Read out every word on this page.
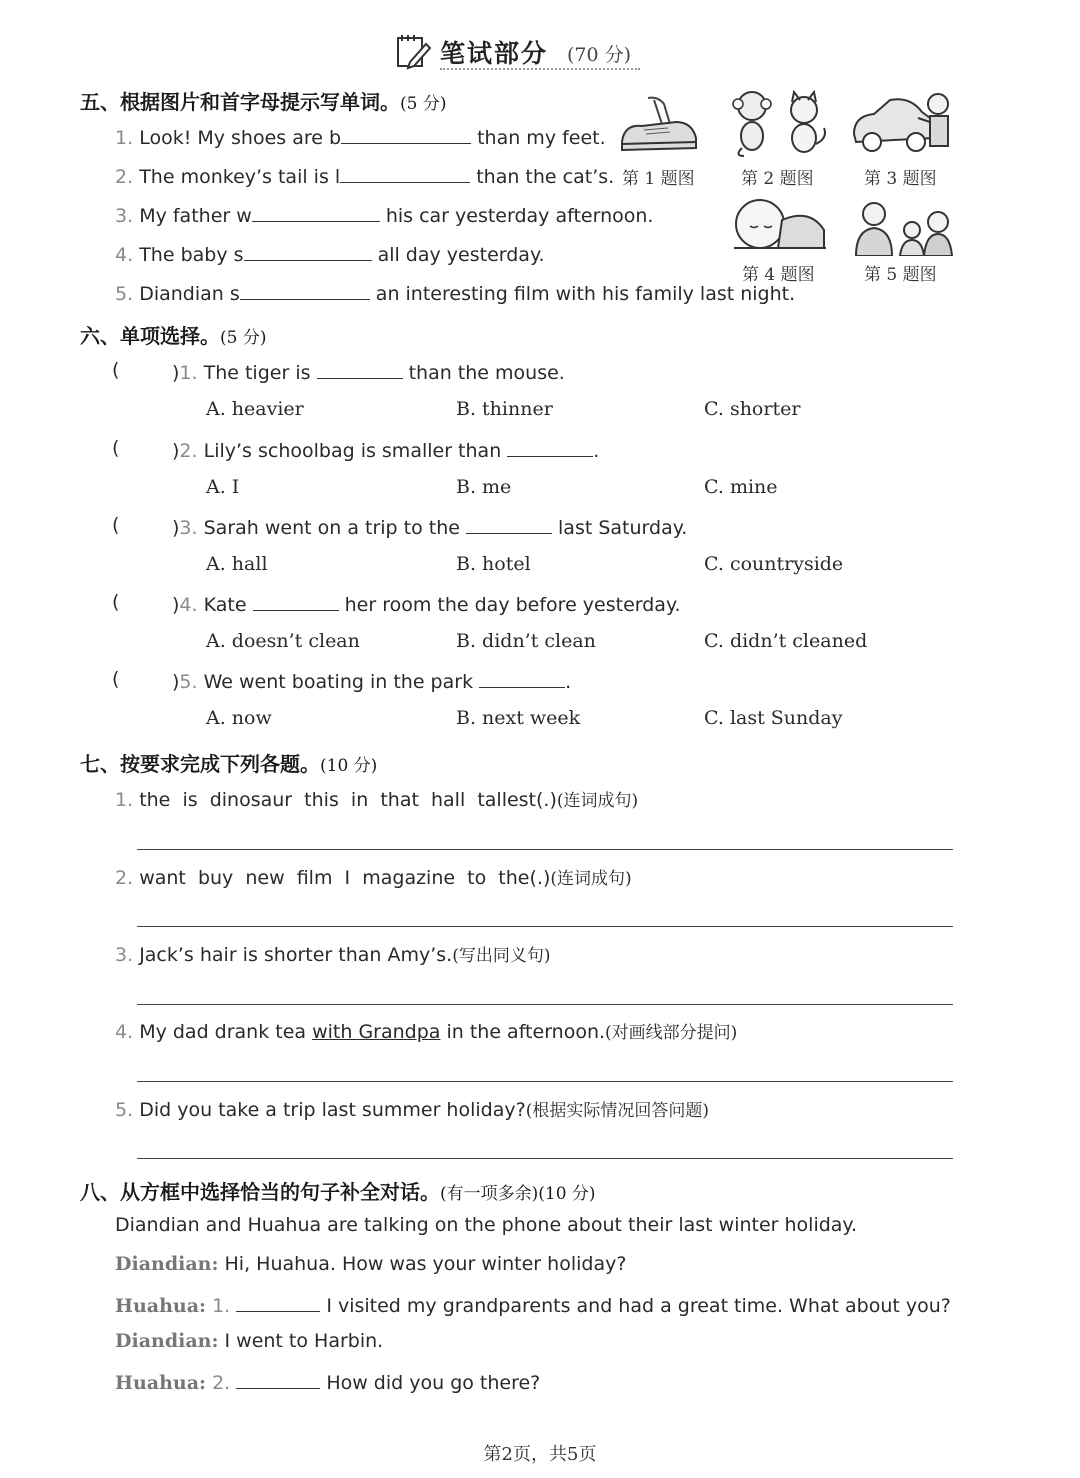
笔试部分 (70 分)
五、根据图片和首字母提示写单词。(5 分)
1. Look! My shoes are b	than my feet.
2. The monkey’s tail is l	than the cat’s.
3. My father w	his car yesterday afternoon.
4. The baby s	all day yesterday.
5. Diandian s	an interesting film with his family last night.
第 1 题图	第 2 题图	第 3 题图
第 4 题图	第 5 题图
六、单项选择。(5 分)
(	)1. The tiger is	than the mouse.
A. heavier	B. thinner	C. shorter
(	)2. Lily’s schoolbag is smaller than	.
A. I	B. me	C. mine
(	)3. Sarah went on a trip to the	last Saturday.
A. hall	B. hotel	C. countryside
(	)4. Kate	her room the day before yesterday.
A. doesn’t clean	B. didn’t clean	C. didn’t cleaned
(	)5. We went boating in the park	.
A. now	B. next week	C. last Sunday
七、按要求完成下列各题。(10 分)
1. the  is  dinosaur  this  in  that  hall  tallest(.)(连词成句)
2. want  buy  new  film  I  magazine  to  the(.)(连词成句)
3. Jack’s hair is shorter than Amy’s.(写出同义句)
4. My dad drank tea with Grandpa in the afternoon.(对画线部分提问)
5. Did you take a trip last summer holiday?(根据实际情况回答问题)
八、从方框中选择恰当的句子补全对话。(有一项多余)(10 分)
Diandian and Huahua are talking on the phone about their last winter holiday.
Diandian: Hi, Huahua. How was your winter holiday?
Huahua: 1.	I visited my grandparents and had a great time. What about you?
Diandian: I went to Harbin.
Huahua: 2.	How did you go there?
第2页，共5页
